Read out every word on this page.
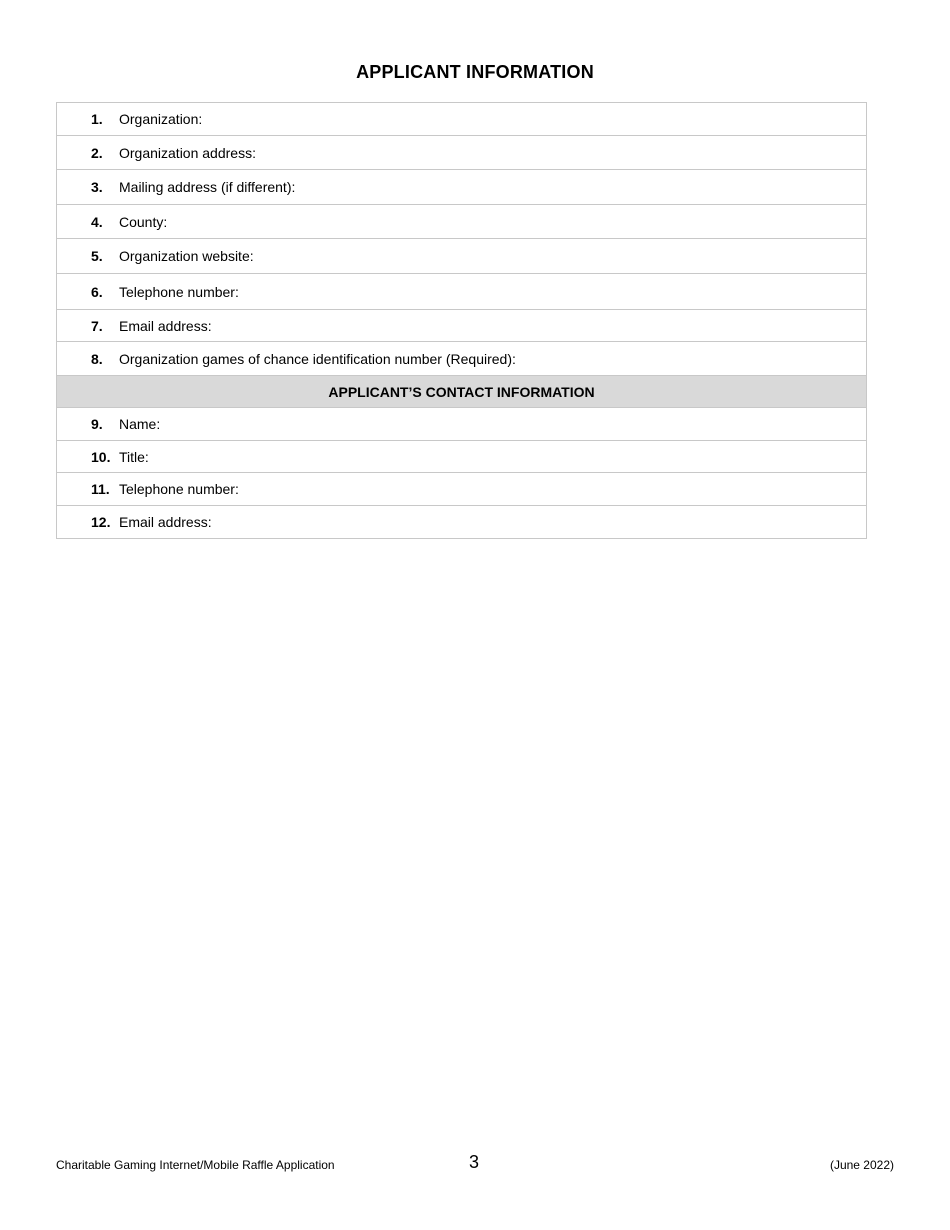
APPLICANT INFORMATION
1.	Organization:
2.	Organization address:
3.	Mailing address (if different):
4.	County:
5.	Organization website:
6.	Telephone number:
7.	Email address:
8.	Organization games of chance identification number (Required):
APPLICANT’S CONTACT INFORMATION
9.	Name:
10. Title:
11. Telephone number:
12. Email address:
Charitable Gaming Internet/Mobile Raffle Application	3	(June 2022)
